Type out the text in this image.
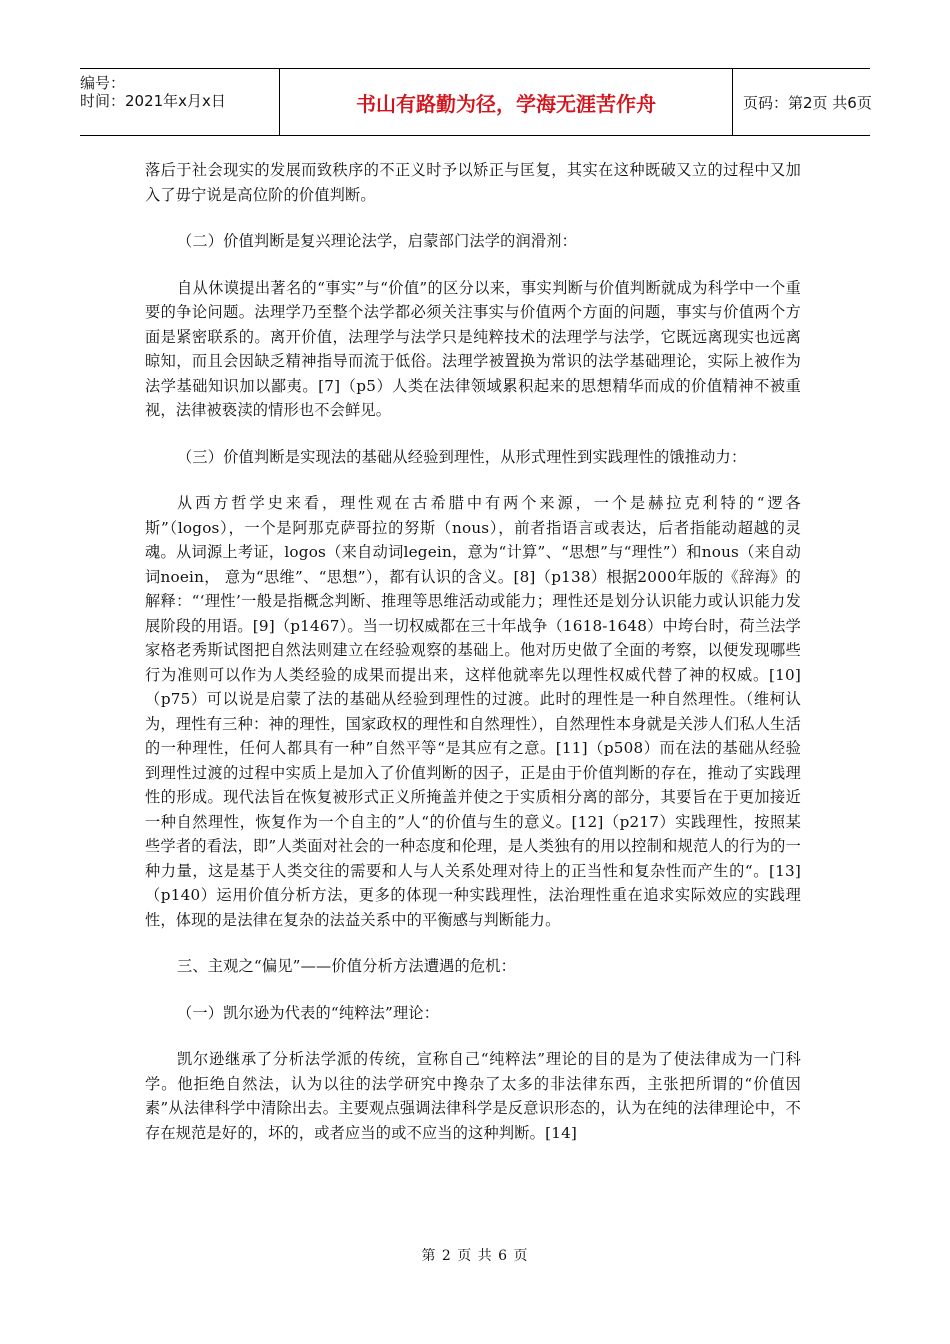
编号：
时间：2021年x月x日	书山有路勤为径，学海无涯苦作舟	页码：第2页 共6页

落后于社会现实的发展而致秩序的不正义时予以矫正与匡复，其实在这种既破又立的过程中又加入了毋宁说是高位阶的价值判断。

（二）价值判断是复兴理论法学，启蒙部门法学的润滑剂：

自从休谟提出著名的“事实”与“价值”的区分以来，事实判断与价值判断就成为科学中一个重要的争论问题。法理学乃至整个法学都必须关注事实与价值两个方面的问题，事实与价值两个方面是紧密联系的。离开价值，法理学与法学只是纯粹技术的法理学与法学，它既远离现实也远离晾知，而且会因缺乏精神指导而流于低俗。法理学被置换为常识的法学基础理论，实际上被作为法学基础知识加以鄙夷。[7]（p5）人类在法律领域累积起来的思想精华而成的价值精神不被重视，法律被亵渎的情形也不会鲜见。

（三）价值判断是实现法的基础从经验到理性，从形式理性到实践理性的饿推动力：

从西方哲学史来看，理性观在古希腊中有两个来源，一个是赫拉克利特的“逻各斯”（logos），一个是阿那克萨哥拉的努斯（nous），前者指语言或表达，后者指能动超越的灵魂。从词源上考证，logos（来自动词legein，意为“计算”、“思想”与“理性”）和nous（来自动词noein， 意为“思维”、“思想”），都有认识的含义。[8]（p138）根据2000年版的《辞海》的解释：“‘理性’一般是指概念判断、推理等思维活动或能力；理性还是划分认识能力或认识能力发展阶段的用语。[9]（p1467）。当一切权威都在三十年战争（1618-1648）中垮台时，荷兰法学家格老秀斯试图把自然法则建立在经验观察的基础上。他对历史做了全面的考察，以便发现哪些行为准则可以作为人类经验的成果而提出来，这样他就率先以理性权威代替了神的权威。[10]（p75）可以说是启蒙了法的基础从经验到理性的过渡。此时的理性是一种自然理性。（维柯认为，理性有三种：神的理性，国家政权的理性和自然理性），自然理性本身就是关涉人们私人生活的一种理性，任何人都具有一种”自然平等“是其应有之意。[11]（p508）而在法的基础从经验到理性过渡的过程中实质上是加入了价值判断的因子，正是由于价值判断的存在，推动了实践理性的形成。现代法旨在恢复被形式正义所掩盖并使之于实质相分离的部分，其要旨在于更加接近一种自然理性，恢复作为一个自主的”人“的价值与生的意义。[12]（p217）实践理性，按照某些学者的看法，即”人类面对社会的一种态度和伦理，是人类独有的用以控制和规范人的行为的一种力量，这是基于人类交往的需要和人与人关系处理对待上的正当性和复杂性而产生的“。[13]（p140）运用价值分析方法，更多的体现一种实践理性，法治理性重在追求实际效应的实践理性，体现的是法律在复杂的法益关系中的平衡感与判断能力。

三、主观之“偏见”——价值分析方法遭遇的危机：

（一）凯尔逊为代表的“纯粹法”理论：

凯尔逊继承了分析法学派的传统，宣称自己“纯粹法”理论的目的是为了使法律成为一门科学。他拒绝自然法，认为以往的法学研究中搀杂了太多的非法律东西，主张把所谓的“价值因素”从法律科学中清除出去。主要观点强调法律科学是反意识形态的，认为在纯的法律理论中，不存在规范是好的，坏的，或者应当的或不应当的这种判断。[14]

第 2 页 共 6 页
